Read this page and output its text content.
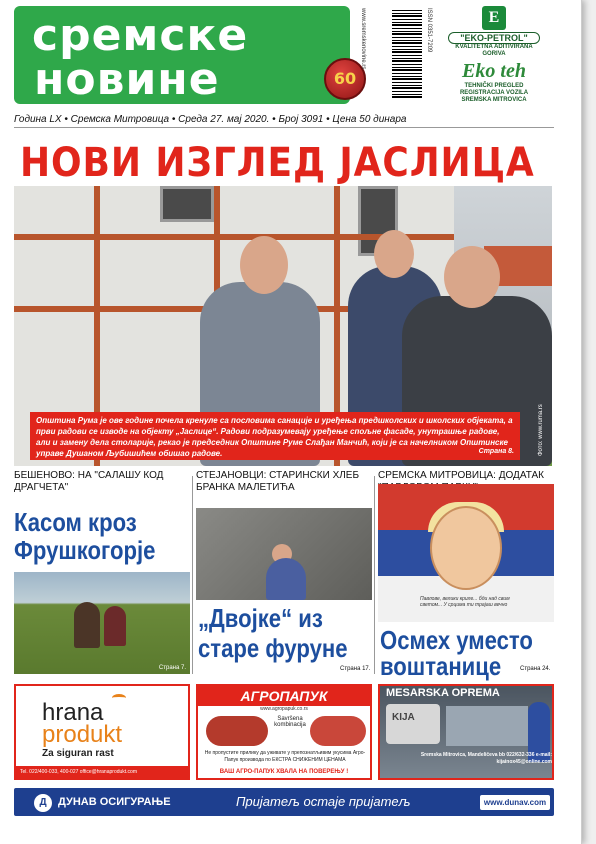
сремске
новине	60
www.sremskenovine.rs	ISSN 0351-7209	E
"EKO-PETROL"
KVALITETNA ADITIVIRANA GORIVA
Eko teh
TEHNIČKI PREGLED REGISTRACIJA VOZILA SREMSKA MITROVICA
Година LX • Сремска Митровица • Среда 27. мај 2020. • Број 3091 • Цена 50 динара
НОВИ ИЗГЛЕД ЈАСЛИЦА
Општина Рума је ове године почела кренуле са пословима санације и уређења предшколских и школских објеката, а први радови се изводе на објекту „Јаслице“. Радови подразумевају уређење спољне фасаде, унутрашње радове, али и замену дела столарије, рекао је председник Општине Руме Слађан Манчић, који је са начелником Општинске управе Душаном Љубишићем обишао радове.	Страна 8.	Фото: www.ruma.rs
БЕШЕНОВО: НА "САЛАШУ КОД ДРАГЧЕТА"
Касом кроз
Фрушкогорје
Страна 7.
СТЕЈАНОВЦИ: СТАРИНСКИ ХЛЕБ БРАНКА МАЛЕТИЋА
„Двојке“ из
старе фуруне
Страна 17.
СРЕМСКА МИТРОВИЦА: ДОДАТАК
Павлове, велики криле... бди над свим светом... У срцима ти трајаш вечно
Осмех уместо
воштанице	Страна 24.
hrana
produkt
Za siguran rast
Tel. 022/400-033, 400-027 office@hranaprodukt.com
АГРОПАПУК
www.agropapuk.co.rs
Savršena kombinacija
Не пропустите прилику да уживате у препознатљивим укусима Агро-Папук производа по ЕКСТРА СНИЖЕНИМ ЦЕНАМА
ВАШ АГРО-ПАПУК ХВАЛА НА ПОВЕРЕЊУ !
MESARSKA OPREMA
KIJA
Sremska Mitrovica, Mandeličeva bb 022/632-336 e-mail: kijainox45@online.com
Д	ДУНАВ ОСИГУРАЊЕ	Пријатељ остаје пријатељ	www.dunav.com
